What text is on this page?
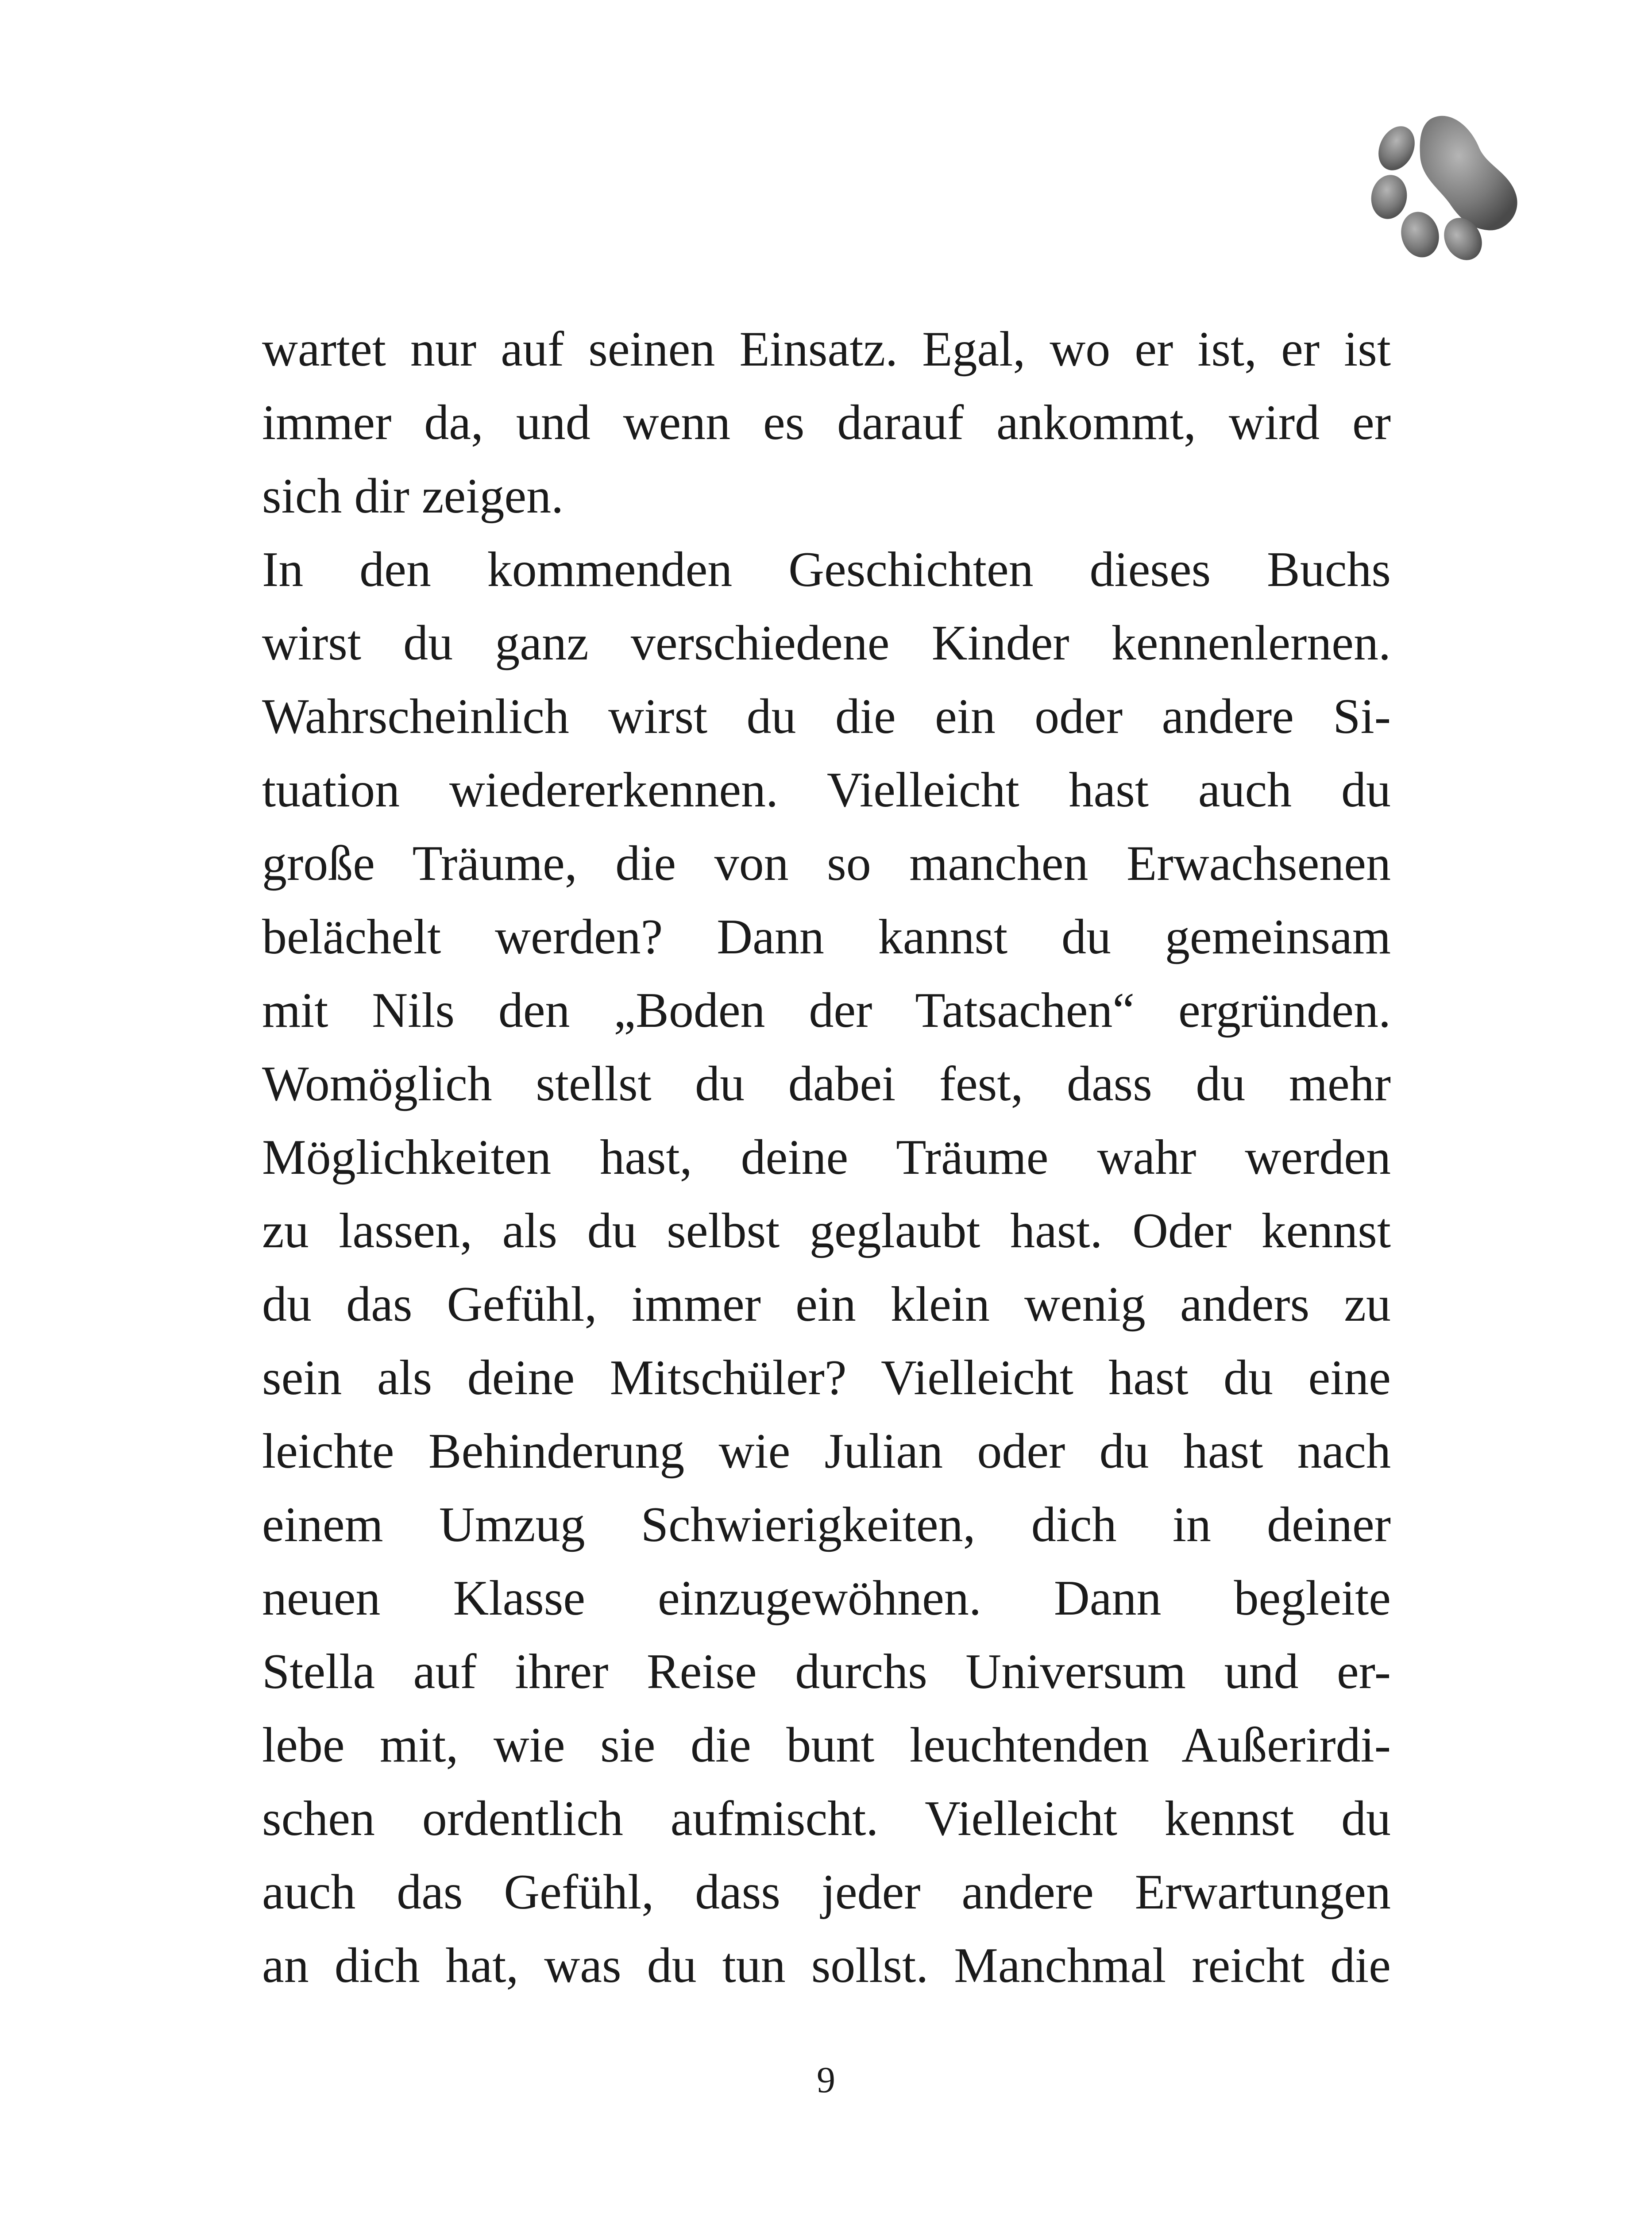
wartet nur auf seinen Einsatz. Egal, wo er ist, er ist
immer da, und wenn es darauf ankommt, wird er
sich dir zeigen.
In den kommenden Geschichten dieses Buchs
wirst du ganz verschiedene Kinder kennenlernen.
Wahrscheinlich wirst du die ein oder andere Si-
tuation wiedererkennen. Vielleicht hast auch du
große Träume, die von so manchen Erwachsenen
belächelt werden? Dann kannst du gemeinsam
mit Nils den „Boden der Tatsachen“ ergründen.
Womöglich stellst du dabei fest, dass du mehr
Möglichkeiten hast, deine Träume wahr werden
zu lassen, als du selbst geglaubt hast. Oder kennst
du das Gefühl, immer ein klein wenig anders zu
sein als deine Mitschüler? Vielleicht hast du eine
leichte Behinderung wie Julian oder du hast nach
einem Umzug Schwierigkeiten, dich in deiner
neuen Klasse einzugewöhnen. Dann begleite
Stella auf ihrer Reise durchs Universum und er-
lebe mit, wie sie die bunt leuchtenden Außerirdi-
schen ordentlich aufmischt. Vielleicht kennst du
auch das Gefühl, dass jeder andere Erwartungen
an dich hat, was du tun sollst. Manchmal reicht die
9
